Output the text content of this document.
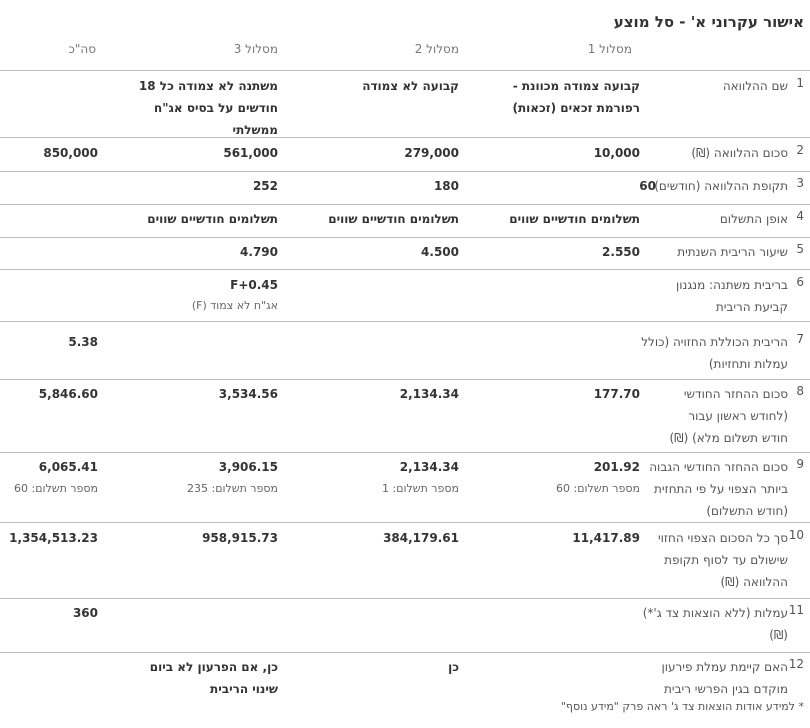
אישור עקרוני א' - סל מוצע
מסלול 1
מסלול 2
מסלול 3
סה"כ
1
שם ההלוואה
קבועה צמודה מכוונת - רפורמת זכאים (זכאות)
קבועה לא צמודה
משתנה לא צמודה כל 18 חודשים על בסיס אג"ח ממשלתי
2
סכום ההלוואה (₪)
10,000
279,000
561,000
850,000
3
תקופת ההלוואה (חודשים)
60
180
252
4
אופן התשלום
תשלומים חודשיים שווים
תשלומים חודשיים שווים
תשלומים חודשיים שווים
5
שיעור הריבית השנתית
2.550
4.500
4.790
6
בריבית משתנה: מנגנון קביעת הריבית
F+0.45
אג"ח לא צמוד (F)
7
הריבית הכוללת החזויה (כולל עמלות ותחזיות)
5.38
8
סכום ההחזר החודשי (לחודש ראשון עבור חודש תשלום מלא) (₪)
177.70
2,134.34
3,534.56
5,846.60
9
סכום ההחזר החודשי הגבוה ביותר הצפוי על פי התחזית (חודש התשלום)
201.92
מספר תשלום: 60
2,134.34
מספר תשלום: 1
3,906.15
מספר תשלום: 235
6,065.41
מספר תשלום: 60
10
סך כל הסכום הצפוי החזוי שישולם עד לסוף תקופת ההלוואה (₪)
11,417.89
384,179.61
958,915.73
1,354,513.23
11
עמלות (ללא הוצאות צד ג'*) (₪)
360
12
האם קיימת עמלת פירעון מוקדם בגין הפרשי ריבית
כן
כן, אם הפרעון לא ביום שינוי הריבית
* למידע אודות הוצאות צד ג' ראה פרק "מידע נוסף"
